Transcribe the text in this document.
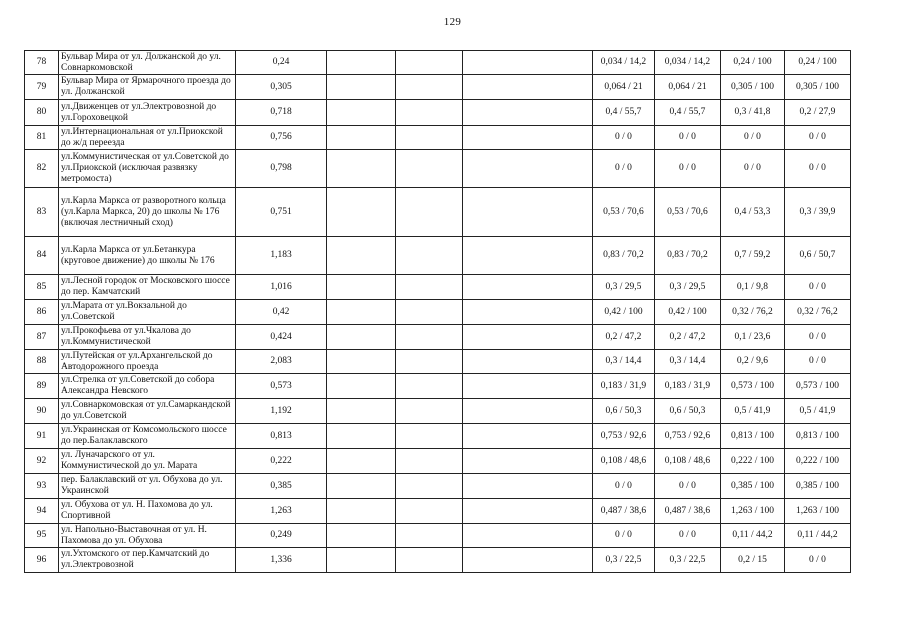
129
78	Бульвар Мира от ул. Должанской до ул. Совнаркомовской	0,24				0,034 / 14,2	0,034 / 14,2	0,24 / 100	0,24 / 100
79	Бульвар Мира от Ярмарочного проезда до ул. Должанской	0,305				0,064 / 21	0,064 / 21	0,305 / 100	0,305 / 100
80	ул.Движенцев от ул.Электровозной до ул.Гороховецкой	0,718				0,4 / 55,7	0,4 / 55,7	0,3 / 41,8	0,2 / 27,9
81	ул.Интернациональная от ул.Приокской до ж/д переезда	0,756				0 / 0	0 / 0	0 / 0	0 / 0
82	ул.Коммунистическая от ул.Советской до ул.Приокской (исключая развязку метромоста)	0,798				0 / 0	0 / 0	0 / 0	0 / 0
83	ул.Карла Маркса от разворотного кольца (ул.Карла Маркса, 20) до школы № 176 (включая лестничный сход)	0,751				0,53 / 70,6	0,53 / 70,6	0,4 / 53,3	0,3 / 39,9
84	ул.Карла Маркса от ул.Бетанкура (круговое движение) до школы № 176	1,183				0,83 / 70,2	0,83 / 70,2	0,7 / 59,2	0,6 / 50,7
85	ул.Лесной городок от Московского шоссе до пер. Камчатский	1,016				0,3 / 29,5	0,3 / 29,5	0,1 / 9,8	0 / 0
86	ул.Марата от ул.Вокзальной до ул.Советской	0,42				0,42 / 100	0,42 / 100	0,32 / 76,2	0,32 / 76,2
87	ул.Прокофьева от ул.Чкалова до ул.Коммунистической	0,424				0,2 / 47,2	0,2 / 47,2	0,1 / 23,6	0 / 0
88	ул.Путейская от ул.Архангельской до Автодорожного проезда	2,083				0,3 / 14,4	0,3 / 14,4	0,2 / 9,6	0 / 0
89	ул.Стрелка от ул.Советской до собора Александра Невского	0,573				0,183 / 31,9	0,183 / 31,9	0,573 / 100	0,573 / 100
90	ул.Совнаркомовская от ул.Самаркандской до ул.Советской	1,192				0,6 / 50,3	0,6 / 50,3	0,5 / 41,9	0,5 / 41,9
91	ул.Украинская от Комсомольского шоссе до пер.Балаклавского	0,813				0,753 / 92,6	0,753 / 92,6	0,813 / 100	0,813 / 100
92	ул. Луначарского от ул. Коммунистической до ул. Марата	0,222				0,108 / 48,6	0,108 / 48,6	0,222 / 100	0,222 / 100
93	пер. Балаклавский от ул. Обухова до ул. Украинской	0,385				0 / 0	0 / 0	0,385 / 100	0,385 / 100
94	ул. Обухова от ул. Н. Пахомова до ул. Спортивной	1,263				0,487 / 38,6	0,487 / 38,6	1,263 / 100	1,263 / 100
95	ул. Напольно-Выставочная от ул. Н. Пахомова до ул. Обухова	0,249				0 / 0	0 / 0	0,11 / 44,2	0,11 / 44,2
96	ул.Ухтомского от пер.Камчатский до ул.Электровозной	1,336				0,3 / 22,5	0,3 / 22,5	0,2 / 15	0 / 0
